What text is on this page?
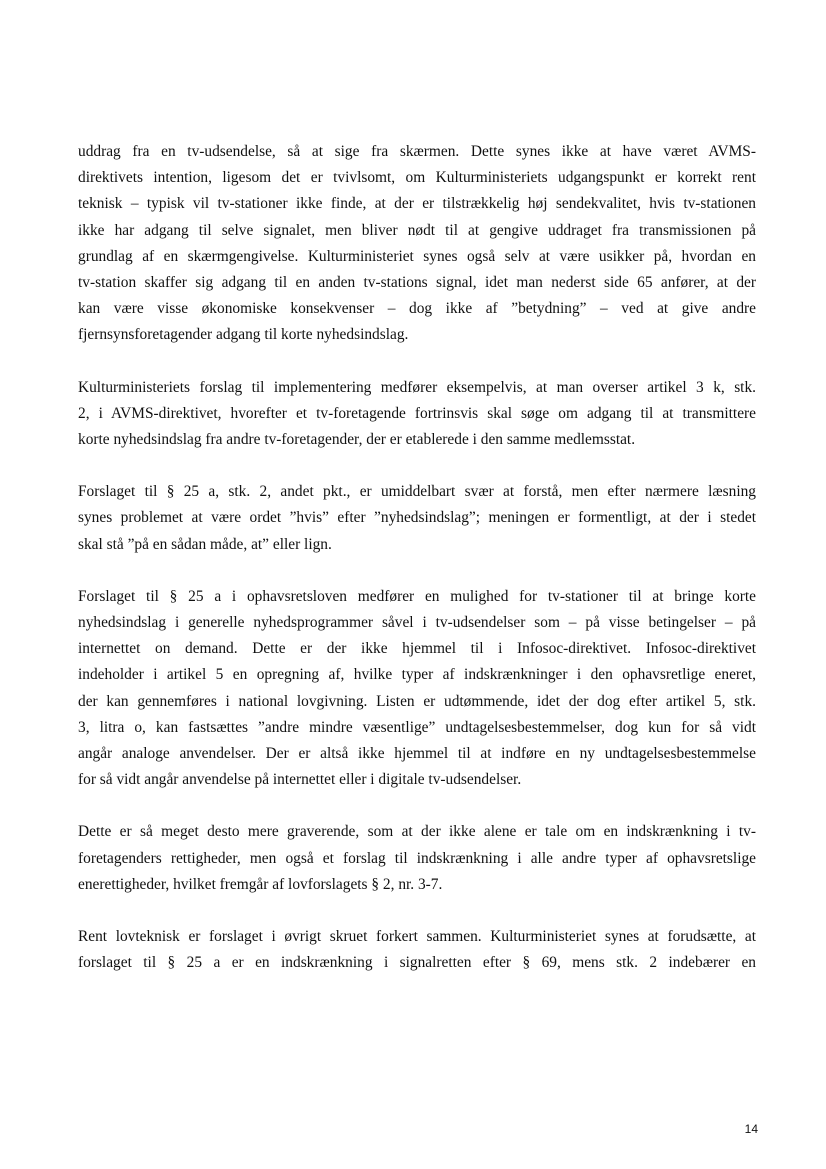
uddrag fra en tv-udsendelse, så at sige fra skærmen. Dette synes ikke at have været AVMS-
direktivets intention, ligesom det er tvivlsomt, om Kulturministeriets udgangspunkt er korrekt rent
teknisk – typisk vil tv-stationer ikke finde, at der er tilstrækkelig høj sendekvalitet, hvis tv-stationen
ikke har adgang til selve signalet, men bliver nødt til at gengive uddraget fra transmissionen på
grundlag af en skærmgengivelse. Kulturministeriet synes også selv at være usikker på, hvordan en
tv-station skaffer sig adgang til en anden tv-stations signal, idet man nederst side 65 anfører, at der
kan være visse økonomiske konsekvenser – dog ikke af ”betydning” – ved at give andre
fjernsynsforetagender adgang til korte nyhedsindslag.

Kulturministeriets forslag til implementering medfører eksempelvis, at man overser artikel 3 k, stk.
2, i AVMS-direktivet, hvorefter et tv-foretagende fortrinsvis skal søge om adgang til at transmittere
korte nyhedsindslag fra andre tv-foretagender, der er etablerede i den samme medlemsstat.

Forslaget til § 25 a, stk. 2, andet pkt., er umiddelbart svær at forstå, men efter nærmere læsning
synes problemet at være ordet ”hvis” efter ”nyhedsindslag”; meningen er formentligt, at der i stedet
skal stå ”på en sådan måde, at” eller lign.

Forslaget til § 25 a i ophavsretsloven medfører en mulighed for tv-stationer til at bringe korte
nyhedsindslag i generelle nyhedsprogrammer såvel i tv-udsendelser som – på visse betingelser – på
internettet on demand. Dette er der ikke hjemmel til i Infosoc-direktivet. Infosoc-direktivet
indeholder i artikel 5 en opregning af, hvilke typer af indskrænkninger i den ophavsretlige eneret,
der kan gennemføres i national lovgivning. Listen er udtømmende, idet der dog efter artikel 5, stk.
3, litra o, kan fastsættes ”andre mindre væsentlige” undtagelsesbestemmelser, dog kun for så vidt
angår analoge anvendelser. Der er altså ikke hjemmel til at indføre en ny undtagelsesbestemmelse
for så vidt angår anvendelse på internettet eller i digitale tv-udsendelser.

Dette er så meget desto mere graverende, som at der ikke alene er tale om en indskrænkning i tv-
foretagenders rettigheder, men også et forslag til indskrænkning i alle andre typer af ophavsretslige
enerettigheder, hvilket fremgår af lovforslagets § 2, nr. 3-7.

Rent lovteknisk er forslaget i øvrigt skruet forkert sammen. Kulturministeriet synes at forudsætte, at
forslaget til § 25 a er en indskrænkning i signalretten efter § 69, mens stk. 2 indebærer en

14
